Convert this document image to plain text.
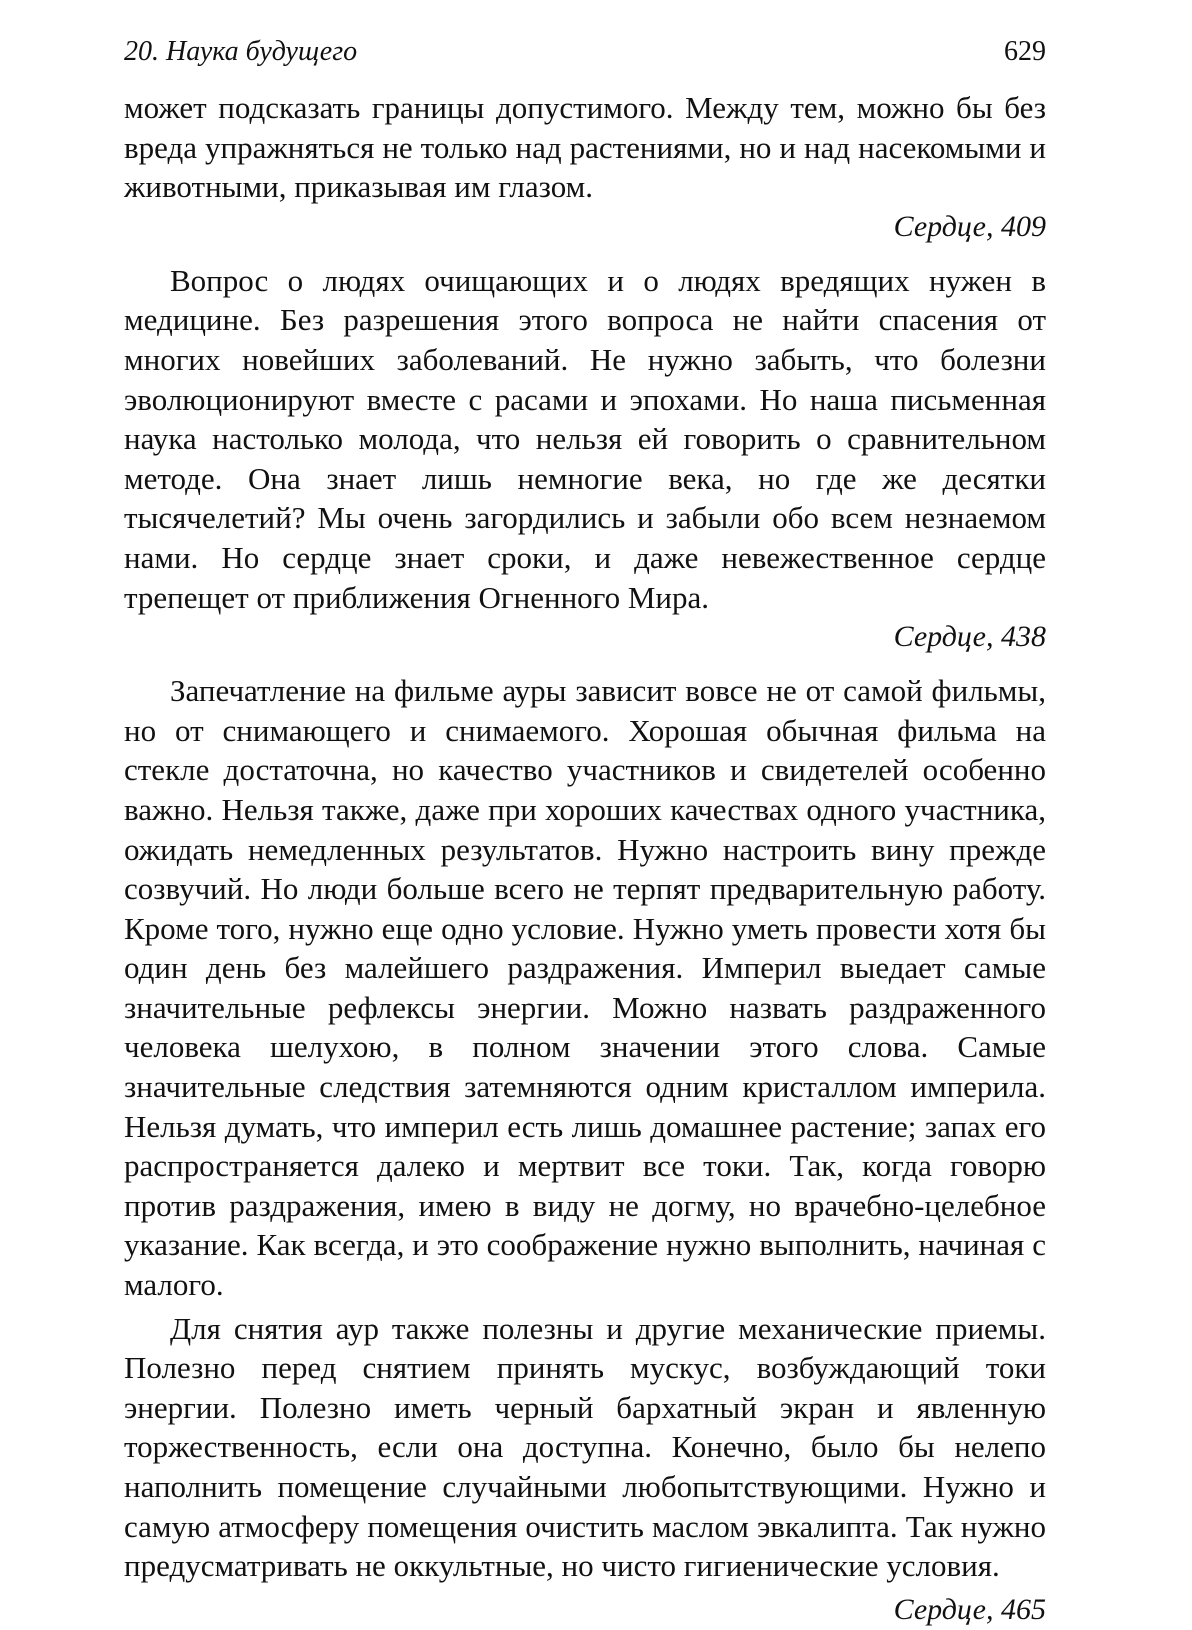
20. Наука будущего	629

может подсказать границы допустимого. Между тем, можно бы без вреда упражняться не только над растениями, но и над насекомыми и животными, приказывая им глазом.

Сердце, 409

Вопрос о людях очищающих и о людях вредящих нужен в медицине. Без разрешения этого вопроса не найти спасения от многих новейших заболеваний. Не нужно забыть, что болезни эволюционируют вместе с расами и эпохами. Но наша письменная наука настолько молода, что нельзя ей говорить о сравнительном методе. Она знает лишь немногие века, но где же десятки тысячелетий? Мы очень загордились и забыли обо всем незнаемом нами. Но сердце знает сроки, и даже невежественное сердце трепещет от приближения Огненного Мира.

Сердце, 438

Запечатление на фильме ауры зависит вовсе не от самой фильмы, но от снимающего и снимаемого. Хорошая обычная фильма на стекле достаточна, но качество участников и свидетелей особенно важно. Нельзя также, даже при хороших качествах одного участника, ожидать немедленных результатов. Нужно настроить вину прежде созвучий. Но люди больше всего не терпят предварительную работу. Кроме того, нужно еще одно условие. Нужно уметь провести хотя бы один день без малейшего раздражения. Империл выедает самые значительные рефлексы энергии. Можно назвать раздраженного человека шелухою, в полном значении этого слова. Самые значительные следствия затемняются одним кристаллом империла. Нельзя думать, что империл есть лишь домашнее растение; запах его распространяется далеко и мертвит все токи. Так, когда говорю против раздражения, имею в виду не догму, но врачебно-целебное указание. Как всегда, и это соображение нужно выполнить, начиная с малого.

Для снятия аур также полезны и другие механические приемы. Полезно перед снятием принять мускус, возбуждающий токи энергии. Полезно иметь черный бархатный экран и явленную торжественность, если она доступна. Конечно, было бы нелепо наполнить помещение случайными любопытствующими. Нужно и самую атмосферу помещения очистить маслом эвкалипта. Так нужно предусматривать не оккультные, но чисто гигиенические условия.

Сердце, 465
